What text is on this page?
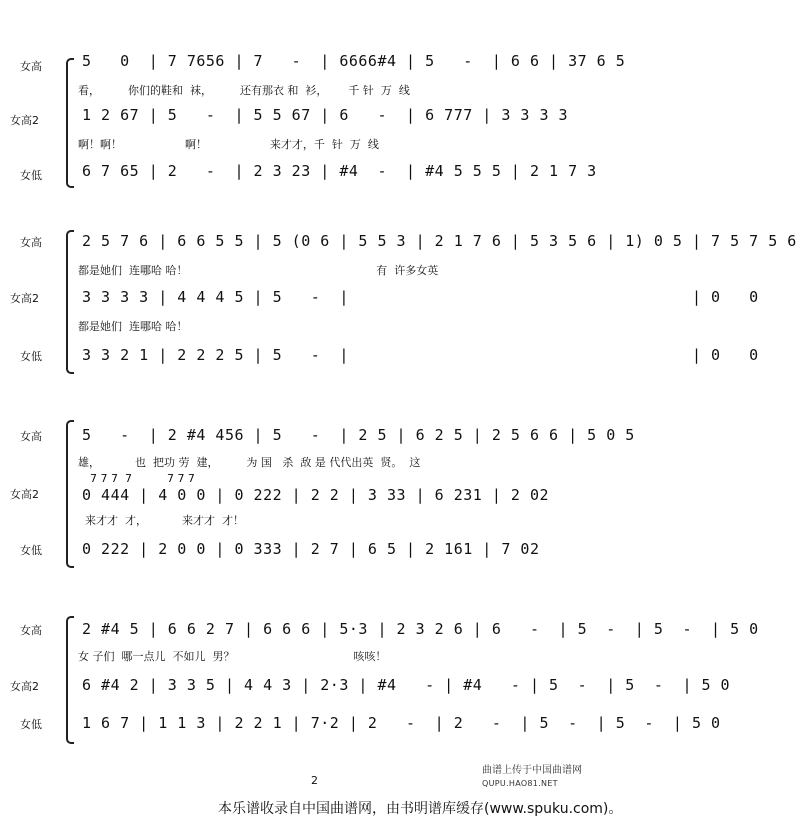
女高
女高2
女低
5   0  | 7 7656 | 7   -  | 6666#4 | 5   -  | 6 6 | 37 6 5
看，        你们的鞋和  袜，        还有那衣 和  衫，      千 针  万  线
1 2 67 | 5   -  | 5 5 67 | 6   -  | 6 777 | 3 3 3 3
啊！啊！                  啊！                  来才才，千  针  万  线
6 7 65 | 2   -  | 2 3 23 | #4  -  | #4 5 5 5 | 2 1 7 3
女高
女高2
女低
2 5 7 6 | 6 6 5 5 | 5 (0 6 | 5 5 3 | 2 1 7 6 | 5 3 5 6 | 1) 0 5 | 7 5 7 5 6
都是她们  连哪哈 哈！                                                      有  许多女英
3 3 3 3 | 4 4 4 5 | 5   -  |                                    | 0   0
都是她们  连哪哈 哈！
3 3 2 1 | 2 2 2 5 | 5   -  |                                    | 0   0
女高
女高2
女低
5   -  | 2 #4 456 | 5   -  | 2 5 | 6 2 5 | 2 5 6 6 | 5 0 5
雄，          也  把功 劳  建，        为 国   杀  敌 是 代代出英  贤。  这
7 7 7  7          7 7 7
0 444 | 4 0 0 | 0 222 | 2 2 | 3 33 | 6 231 | 2 02
来才才  才，          来才才  才！
0 222 | 2 0 0 | 0 333 | 2 7 | 6 5 | 2 161 | 7 02
女高
女高2
女低
2 #4 5 | 6 6 2 7 | 6 6 6 | 5·3 | 2 3 2 6 | 6   -  | 5  -  | 5  -  | 5 0
女 子们  哪一点儿  不如儿  男？                                  咳咳！
6 #4 2 | 3 3 5 | 4 4 3 | 2·3 | #4   - | #4   - | 5  -  | 5  -  | 5 0
1 6 7 | 1 1 3 | 2 2 1 | 7·2 | 2   -  | 2   -  | 5  -  | 5  -  | 5 0
2
曲谱上传于中国曲谱网
QUPU.HAO81.NET
本乐谱收录自中国曲谱网，由书明谱库缓存(www.spuku.com)。
